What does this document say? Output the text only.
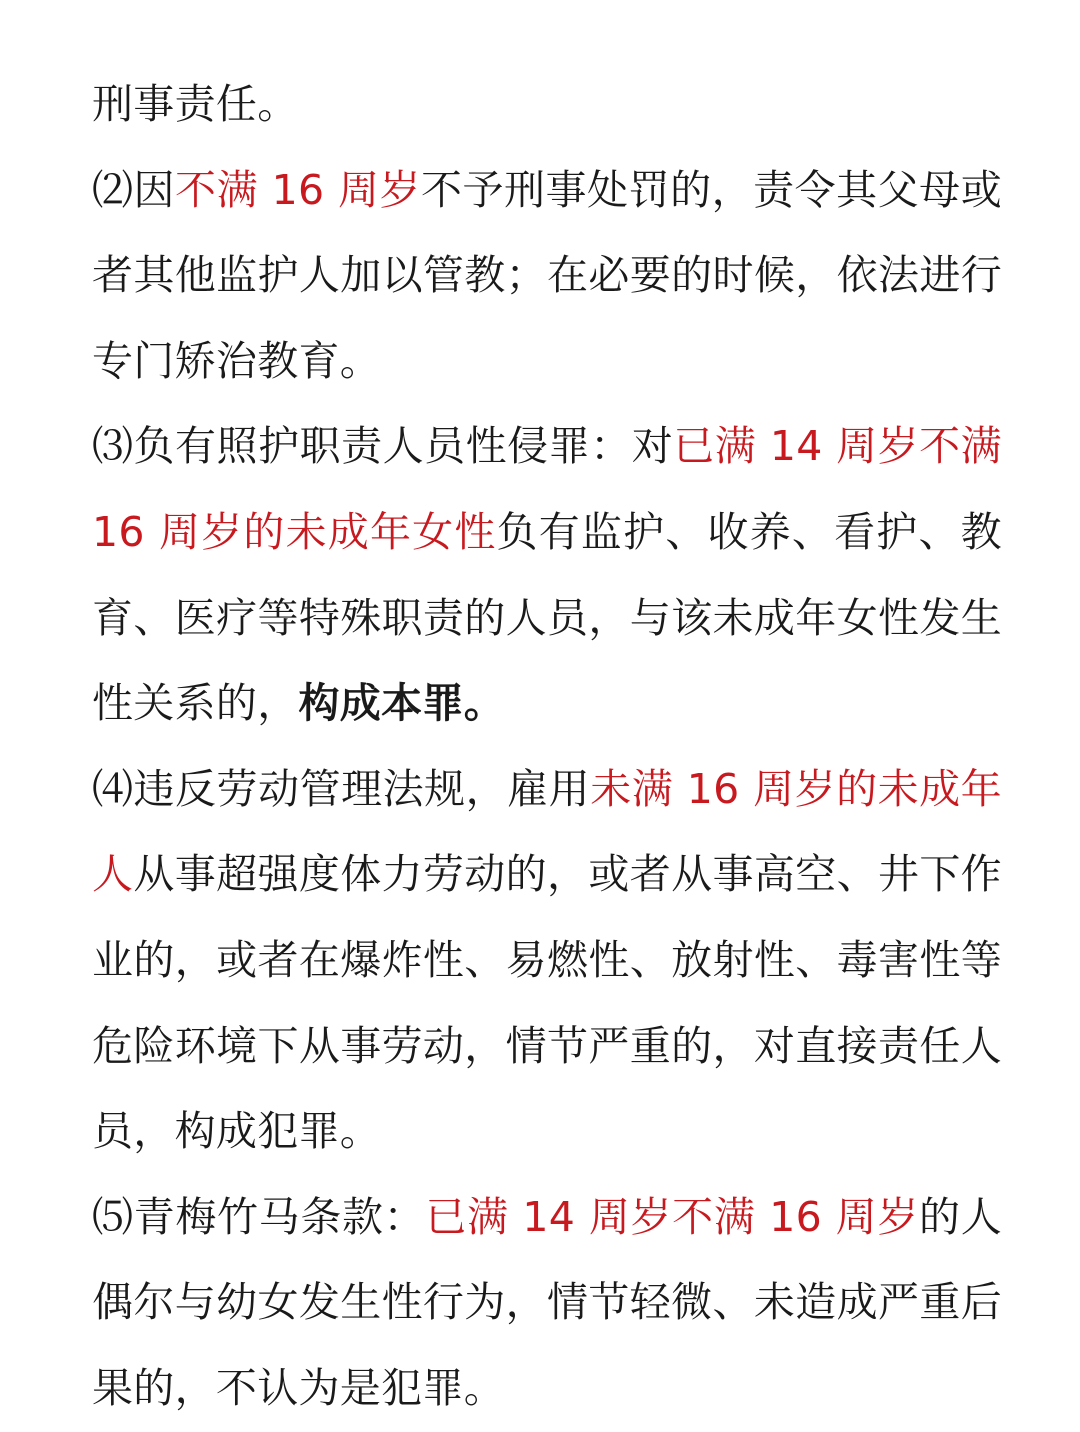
刑事责任。

⑵因不满 16 周岁不予刑事处罚的，责令其父母或者其他监护人加以管教；在必要的时候，依法进行专门矫治教育。

⑶负有照护职责人员性侵罪：对已满 14 周岁不满 16 周岁的未成年女性负有监护、收养、看护、教育、医疗等特殊职责的人员，与该未成年女性发生性关系的，构成本罪。

⑷违反劳动管理法规，雇用未满 16 周岁的未成年人从事超强度体力劳动的，或者从事高空、井下作业的，或者在爆炸性、易燃性、放射性、毒害性等危险环境下从事劳动，情节严重的，对直接责任人员，构成犯罪。

⑸青梅竹马条款：已满 14 周岁不满 16 周岁的人偶尔与幼女发生性行为，情节轻微、未造成严重后果的，不认为是犯罪。
